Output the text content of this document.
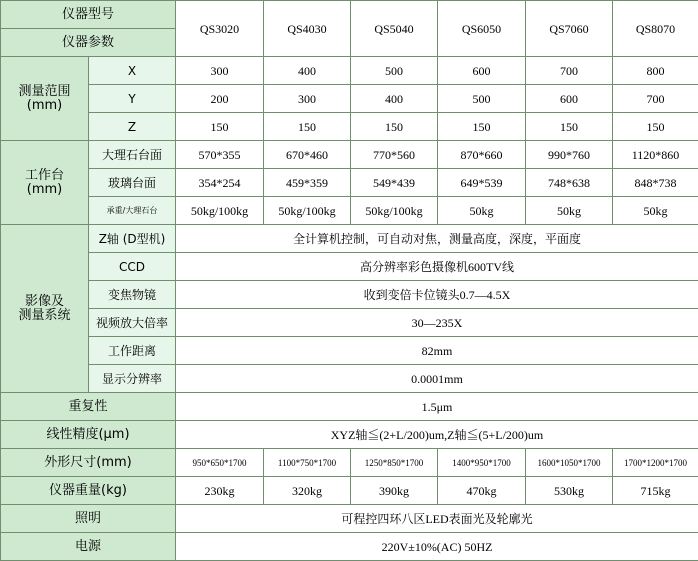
仪器型号		QS3020	QS4030	QS5040	QS6050	QS7060	QS8070
仪器参数							

测量范围
(mm)	X	300	400	500	600	700	800
	Y	200	300	400	500	600	700
	Z	150	150	150	150	150	150

工作台
(mm)	大理石台面	570*355	670*460	770*560	870*660	990*760	1120*860
	玻璃台面	354*254	459*359	549*439	649*539	748*638	848*738
	承重/大理石台	50kg/100kg	50kg/100kg	50kg/100kg	50kg	50kg	50kg

影像及
测量系统	Z轴 (D型机)	全计算机控制，可自动对焦，测量高度，深度，平面度					
	CCD	高分辨率彩色摄像机600TV线					
	变焦物镜	收到变倍卡位镜头0.7—4.5X					
	视频放大倍率	30—235X					
	工作距离	82mm					
	显示分辨率	0.0001mm					
重复性		1.5μm					
线性精度(μm)		XYZ轴≦(2+L/200)um,Z轴≦(5+L/200)um					
外形尺寸(mm)		950*650*1700	1100*750*1700	1250*850*1700	1400*950*1700	1600*1050*1700	1700*1200*1700
仪器重量(kg)		230kg	320kg	390kg	470kg	530kg	715kg
照明		可程控四环八区LED表面光及轮廓光					
电源		220V±10%(AC) 50HZ					
